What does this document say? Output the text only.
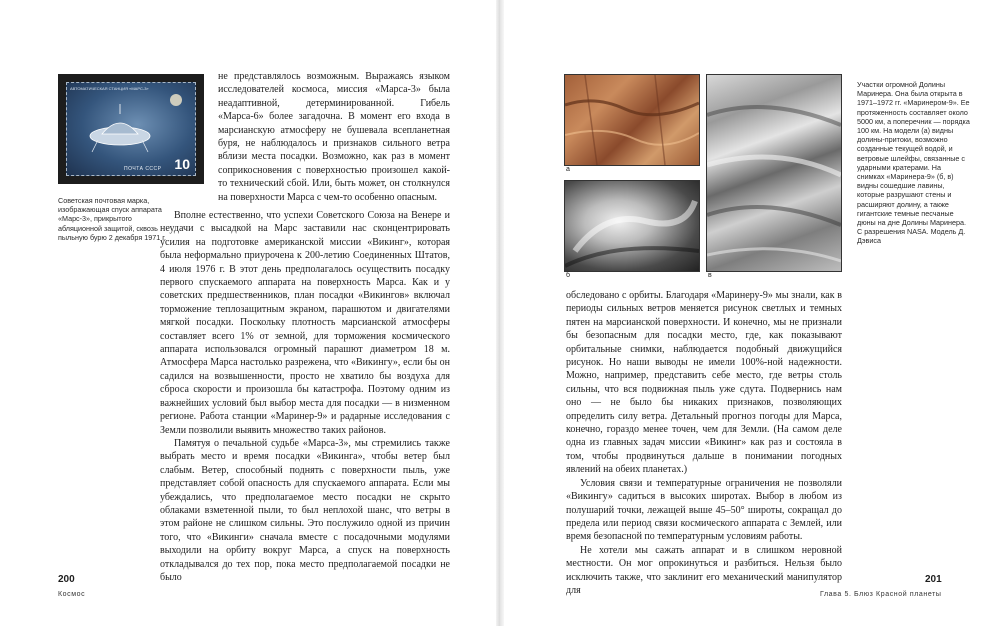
АВТОМАТИЧЕСКАЯ СТАНЦИЯ «МАРС-3»
ПОЧТА СССР 10
Советская почтовая марка, изображающая спуск аппарата «Марс-3», прикрытого абляционной защитой, сквозь пыльную бурю 2 декабря 1971 г.

не представлялось возможным. Выражаясь языком исследователей космоса, миссия «Марса-3» была неадаптивной, детерминированной. Гибель «Марса-6» более загадочна. В момент его входа в марсианскую атмосферу не бушевала всепланетная буря, не наблюдалось и признаков сильного ветра вблизи места посадки. Возможно, как раз в момент соприкосновения с поверхностью произошел какой-то технический сбой. Или, быть может, он столкнулся на поверхности Марса с чем-то особенно опасным.

Вполне естественно, что успехи Советского Союза на Венере и неудачи с высадкой на Марс заставили нас сконцентрировать усилия на подготовке американской миссии «Викинг», которая была неформально приурочена к 200-летию Соединенных Штатов, 4 июля 1976 г. В этот день предполагалось осуществить посадку первого спускаемого аппарата на поверхность Марса. Как и у советских предшественников, план посадки «Викингов» включал торможение теплозащитным экраном, парашютом и двигателями мягкой посадки. Поскольку плотность марсианской атмосферы составляет всего 1% от земной, для торможения космического аппарата использовался огромный парашют диаметром 18 м. Атмосфера Марса настолько разрежена, что «Викингу», если бы он садился на возвышенности, просто не хватило бы воздуха для сброса скорости и произошла бы катастрофа. Поэтому одним из важнейших условий был выбор места для посадки — в низменном регионе. Работа станции «Маринер-9» и радарные исследования с Земли позволили выявить множество таких районов.

Памятуя о печальной судьбе «Марса-3», мы стремились также выбрать место и время посадки «Викинга», чтобы ветер был слабым. Ветер, способный поднять с поверхности пыль, уже представляет собой опасность для спускаемого аппарата. Если мы убеждались, что предполагаемое место посадки не скрыто облаками взметенной пыли, то был неплохой шанс, что ветры в этом районе не слишком сильны. Это послужило одной из причин того, что «Викинги» сначала вместе с посадочными модулями выходили на орбиту вокруг Марса, а спуск на поверхность откладывался до тех пор, пока место предполагаемой посадки не было

200
Космос
а
б	в
Участки огромной Долины Маринера. Она была открыта в 1971–1972 гг. «Маринером-9». Ее протяженность составляет около 5000 км, а поперечник — порядка 100 км. На модели (а) видны долины-притоки, возможно созданные текущей водой, и ветровые шлейфы, связанные с ударными кратерами. На снимках «Маринера-9» (б, в) видны сошедшие лавины, которые разрушают стены и расширяют долину, а также гигантские темные песчаные дюны на дне Долины Маринера. С разрешения NASA. Модель Д. Дэвиса

обследовано с орбиты. Благодаря «Маринеру-9» мы знали, как в периоды сильных ветров меняется рисунок светлых и темных пятен на марсианской поверхности. И конечно, мы не признали бы безопасным для посадки место, где, как показывают орбитальные снимки, наблюдается подобный движущийся рисунок. Но наши выводы не имели 100%-ной надежности. Можно, например, представить себе место, где ветры столь сильны, что вся подвижная пыль уже сдута. Подвернись нам оно — не было бы никаких признаков, позволяющих определить силу ветра. Детальный прогноз погоды для Марса, конечно, гораздо менее точен, чем для Земли. (На самом деле одна из главных задач миссии «Викинг» как раз и состояла в том, чтобы продвинуться дальше в понимании погодных явлений на обеих планетах.)

Условия связи и температурные ограничения не позволяли «Викингу» садиться в высоких широтах. Выбор в любом из полушарий точки, лежащей выше 45–50° широты, сокращал до предела или период связи космического аппарата с Землей, или время безопасной по температурным условиям работы.

Не хотели мы сажать аппарат и в слишком неровной местности. Он мог опрокинуться и разбиться. Нельзя было исключить также, что заклинит его механический манипулятор для

201
Глава 5. Блюз Красной планеты
